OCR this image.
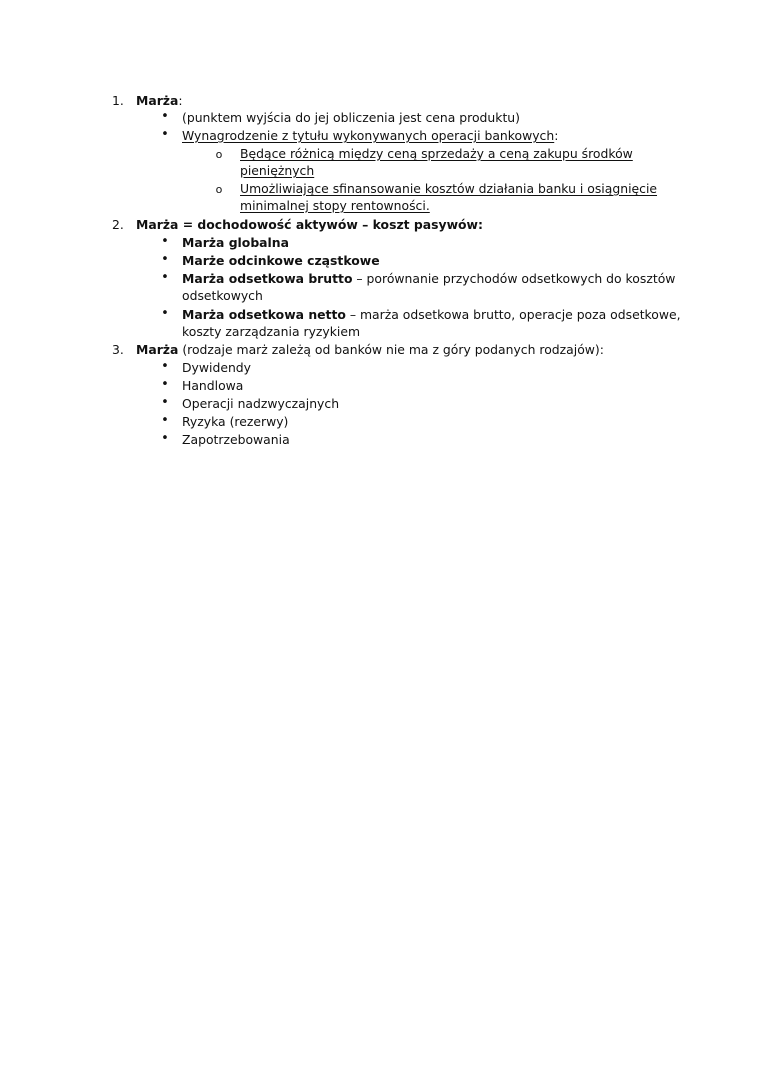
1. Marża:
•
(punktem wyjścia do jej obliczenia jest cena produktu)
•
Wynagrodzenie z tytułu wykonywanych operacji bankowych:
o
Będące różnicą między ceną sprzedaży a ceną zakupu środków
pieniężnych
o
Umożliwiające sfinansowanie kosztów działania banku i osiągnięcie
minimalnej stopy rentowności.
2. Marża = dochodowość aktywów – koszt pasywów:
•
Marża globalna
•
Marże odcinkowe cząstkowe
•
Marża odsetkowa brutto – porównanie przychodów odsetkowych do kosztów
odsetkowych
•
Marża odsetkowa netto – marża odsetkowa brutto, operacje poza odsetkowe,
koszty zarządzania ryzykiem
3. Marża (rodzaje marż zależą od banków nie ma z góry podanych rodzajów):
•
Dywidendy
•
Handlowa
•
Operacji nadzwyczajnych
•
Ryzyka (rezerwy)
•
Zapotrzebowania
